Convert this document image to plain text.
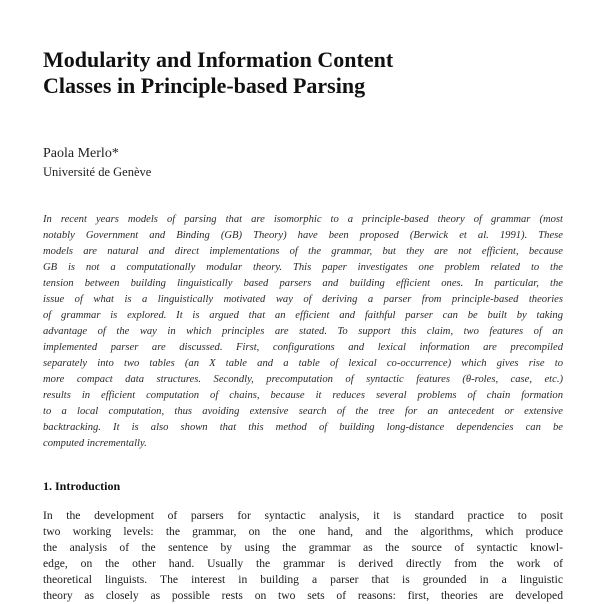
Modularity and Information Content
Classes in Principle-based Parsing
Paola Merlo*
Université de Genève
In recent years models of parsing that are isomorphic to a principle-based theory of grammar (most
notably Government and Binding (GB) Theory) have been proposed (Berwick et al. 1991). These
models are natural and direct implementations of the grammar, but they are not efficient, because
GB is not a computationally modular theory. This paper investigates one problem related to the
tension between building linguistically based parsers and building efficient ones. In particular, the
issue of what is a linguistically motivated way of deriving a parser from principle-based theories
of grammar is explored. It is argued that an efficient and faithful parser can be built by taking
advantage of the way in which principles are stated. To support this claim, two features of an
implemented parser are discussed. First, configurations and lexical information are precompiled
separately into two tables (an X table and a table of lexical co-occurrence) which gives rise to
more compact data structures. Secondly, precomputation of syntactic features (θ-roles, case, etc.)
results in efficient computation of chains, because it reduces several problems of chain formation
to a local computation, thus avoiding extensive search of the tree for an antecedent or extensive
backtracking. It is also shown that this method of building long-distance dependencies can be
computed incrementally.
1. Introduction
In the development of parsers for syntactic analysis, it is standard practice to posit
two working levels: the grammar, on the one hand, and the algorithms, which produce
the analysis of the sentence by using the grammar as the source of syntactic knowl-
edge, on the other hand. Usually the grammar is derived directly from the work of
theoretical linguists. The interest in building a parser that is grounded in a linguistic
theory as closely as possible rests on two sets of reasons: first, theories are developed
